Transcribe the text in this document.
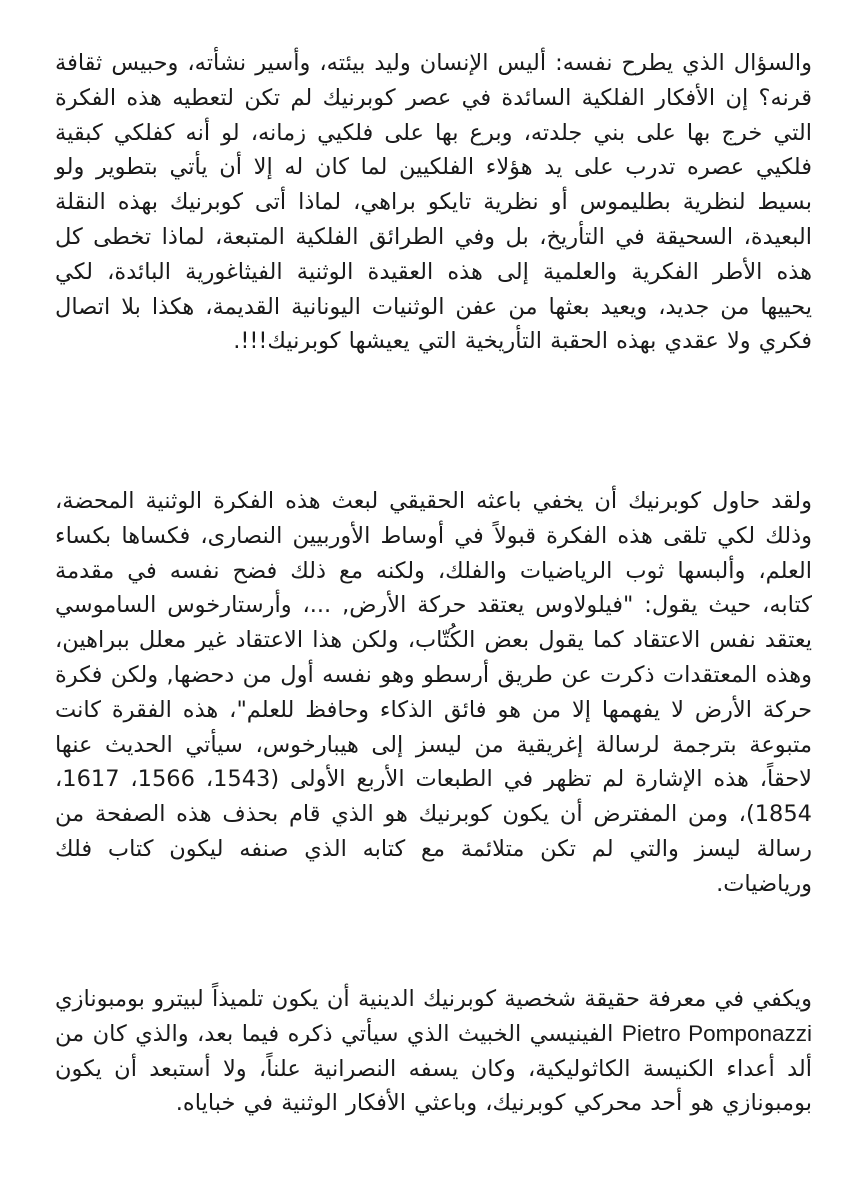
والسؤال الذي يطرح نفسه: أليس الإنسان وليد بيئته، وأسير نشأته، وحبيس ثقافة قرنه؟ إن الأفكار الفلكية السائدة في عصر كوبرنيك لم تكن لتعطيه هذه الفكرة التي خرج بها على بني جلدته، وبرع بها على فلكيي زمانه، لو أنه كفلكي كبقية فلكيي عصره تدرب على يد هؤلاء الفلكيين لما كان له إلا أن يأتي بتطوير ولو بسيط لنظرية بطليموس أو نظرية تايكو براهي، لماذا أتى كوبرنيك بهذه النقلة البعيدة، السحيقة في التأريخ، بل وفي الطرائق الفلكية المتبعة، لماذا تخطى كل هذه الأطر الفكرية والعلمية إلى هذه العقيدة الوثنية الفيثاغورية البائدة، لكي يحييها من جديد، ويعيد بعثها من عفن الوثنيات اليونانية القديمة، هكذا بلا اتصال فكري ولا عقدي بهذه الحقبة التأريخية التي يعيشها كوبرنيك!!!.

ولقد حاول كوبرنيك أن يخفي باعثه الحقيقي لبعث هذه الفكرة الوثنية المحضة، وذلك لكي تلقى هذه الفكرة قبولاً في أوساط الأوربيين النصارى، فكساها بكساء العلم، وألبسها ثوب الرياضيات والفلك، ولكنه مع ذلك فضح نفسه في مقدمة كتابه، حيث يقول: "فيلولاوس يعتقد حركة الأرض, ...، وأرستارخوس الساموسي يعتقد نفس الاعتقاد كما يقول بعض الكُتّاب، ولكن هذا الاعتقاد غير معلل ببراهين، وهذه المعتقدات ذكرت عن طريق أرسطو وهو نفسه أول من دحضها, ولكن فكرة حركة الأرض لا يفهمها إلا من هو فائق الذكاء وحافظ للعلم"، هذه الفقرة كانت متبوعة بترجمة لرسالة إغريقية من ليسز إلى هيبارخوس، سيأتي الحديث عنها لاحقاً، هذه الإشارة لم تظهر في الطبعات الأربع الأولى (1543، 1566، 1617، 1854)، ومن المفترض أن يكون كوبرنيك هو الذي قام بحذف هذه الصفحة من رسالة ليسز والتي لم تكن متلائمة مع كتابه الذي صنفه ليكون كتاب فلك ورياضيات.

ويكفي في معرفة حقيقة شخصية كوبرنيك الدينية أن يكون تلميذاً لبيترو بومبونازي Pietro Pomponazzi الفينيسي الخبيث الذي سيأتي ذكره فيما بعد، والذي كان من ألد أعداء الكنيسة الكاثوليكية، وكان يسفه النصرانية علناً، ولا أستبعد أن يكون بومبونازي هو أحد محركي كوبرنيك، وباعثي الأفكار الوثنية في خباياه.
